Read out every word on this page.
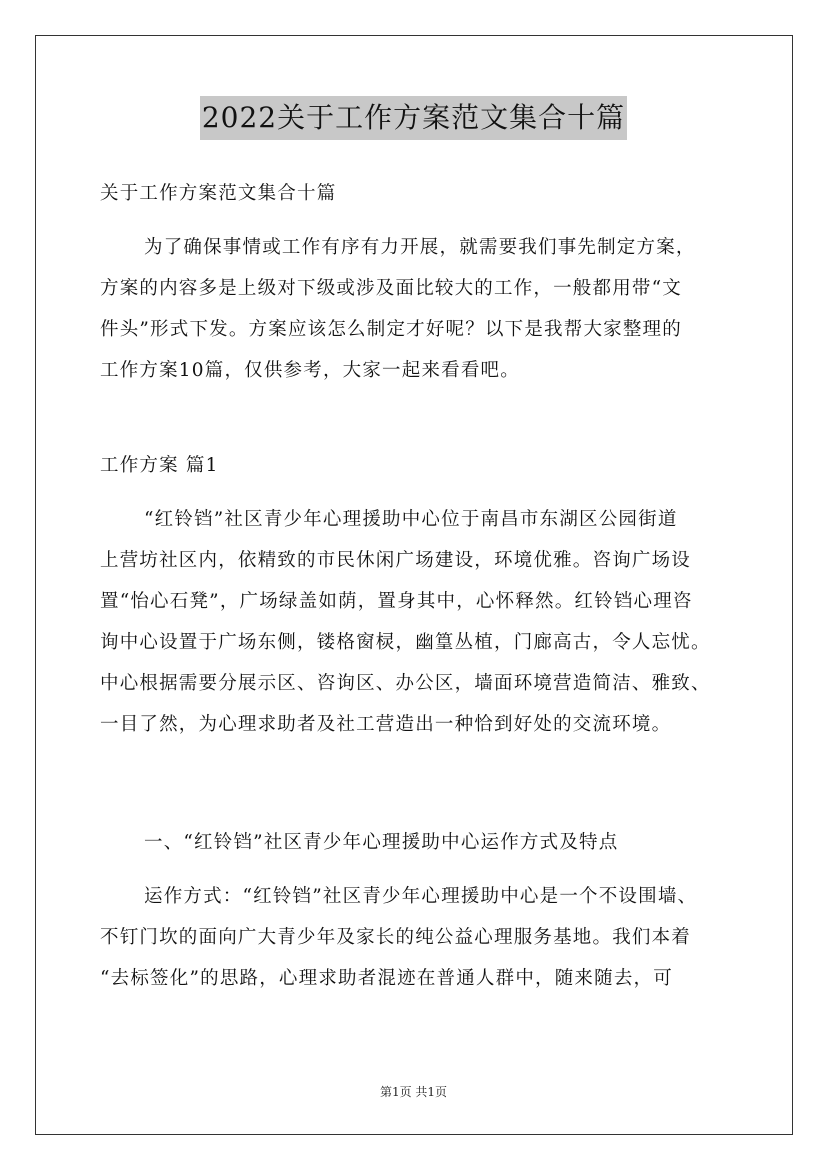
2022关于工作方案范文集合十篇

关于工作方案范文集合十篇

为了确保事情或工作有序有力开展，就需要我们事先制定方案，
方案的内容多是上级对下级或涉及面比较大的工作，一般都用带“文
件头”形式下发。方案应该怎么制定才好呢？以下是我帮大家整理的
工作方案10篇，仅供参考，大家一起来看看吧。

工作方案 篇1

“红铃铛”社区青少年心理援助中心位于南昌市东湖区公园街道
上营坊社区内，依精致的市民休闲广场建设，环境优雅。咨询广场设
置“怡心石凳”，广场绿盖如荫，置身其中，心怀释然。红铃铛心理咨
询中心设置于广场东侧，镂格窗棂，幽篁丛植，门廊高古，令人忘忧。
中心根据需要分展示区、咨询区、办公区，墙面环境营造简洁、雅致、
一目了然，为心理求助者及社工营造出一种恰到好处的交流环境。

一、“红铃铛”社区青少年心理援助中心运作方式及特点

运作方式：“红铃铛”社区青少年心理援助中心是一个不设围墙、
不钉门坎的面向广大青少年及家长的纯公益心理服务基地。我们本着
“去标签化”的思路，心理求助者混迹在普通人群中，随来随去，可
第1页 共1页
